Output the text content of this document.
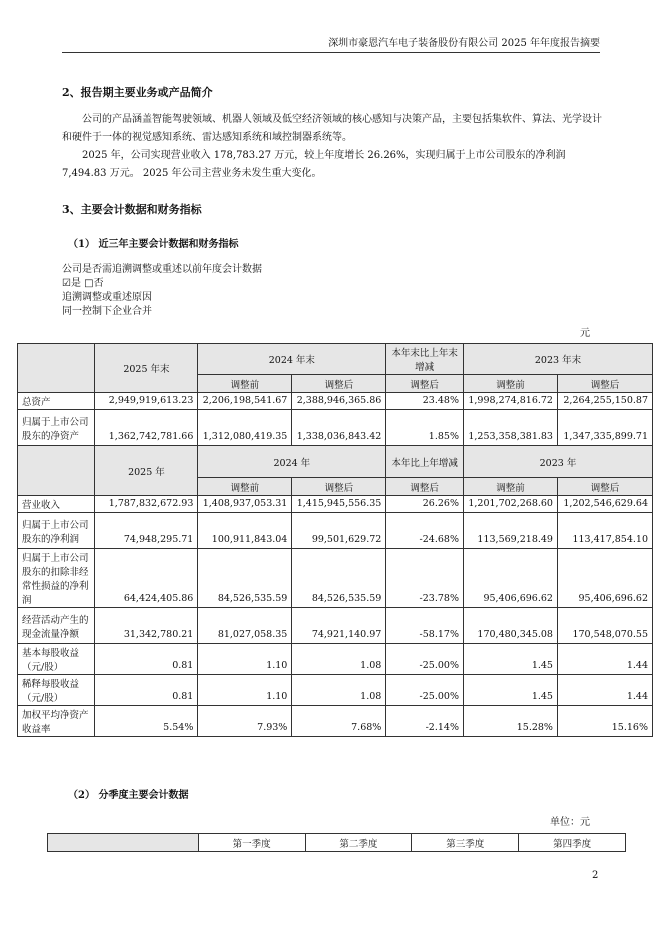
深圳市豪恩汽车电子装备股份有限公司 2025 年年度报告摘要
2、报告期主要业务或产品简介

公司的产品涵盖智能驾驶领域、机器人领域及低空经济领域的核心感知与决策产品，主要包括集软件、算法、光学设计和硬件于一体的视觉感知系统、雷达感知系统和域控制器系统等。

2025 年，公司实现营业收入 178,783.27 万元，较上年度增长 26.26%，实现归属于上市公司股东的净利润 7,494.83 万元。 2025 年公司主营业务未发生重大变化。

3、主要会计数据和财务指标
（1） 近三年主要会计数据和财务指标
公司是否需追溯调整或重述以前年度会计数据
☑是 □否
追溯调整或重述原因
同一控制下企业合并
元
	2025 年末	2024 年末		本年末比上年末增减	2023 年末	
		调整前	调整后	调整后	调整前	调整后
总资产	2,949,919,613.23	2,206,198,541.67	2,388,946,365.86	23.48%	1,998,274,816.72	2,264,255,150.87
归属于上市公司股东的净资产	1,362,742,781.66	1,312,080,419.35	1,338,036,843.42	1.85%	1,253,358,381.83	1,347,335,899.71
	2025 年	2024 年		本年比上年增减	2023 年	
		调整前	调整后	调整后	调整前	调整后
营业收入	1,787,832,672.93	1,408,937,053.31	1,415,945,556.35	26.26%	1,201,702,268.60	1,202,546,629.64
归属于上市公司股东的净利润	74,948,295.71	100,911,843.04	99,501,629.72	-24.68%	113,569,218.49	113,417,854.10
归属于上市公司股东的扣除非经常性损益的净利润	64,424,405.86	84,526,535.59	84,526,535.59	-23.78%	95,406,696.62	95,406,696.62
经营活动产生的现金流量净额	31,342,780.21	81,027,058.35	74,921,140.97	-58.17%	170,480,345.08	170,548,070.55
基本每股收益（元/股）	0.81	1.10	1.08	-25.00%	1.45	1.44
稀释每股收益（元/股）	0.81	1.10	1.08	-25.00%	1.45	1.44
加权平均净资产收益率	5.54%	7.93%	7.68%	-2.14%	15.28%	15.16%
（2） 分季度主要会计数据
单位：元
	第一季度	第二季度	第三季度	第四季度
2
